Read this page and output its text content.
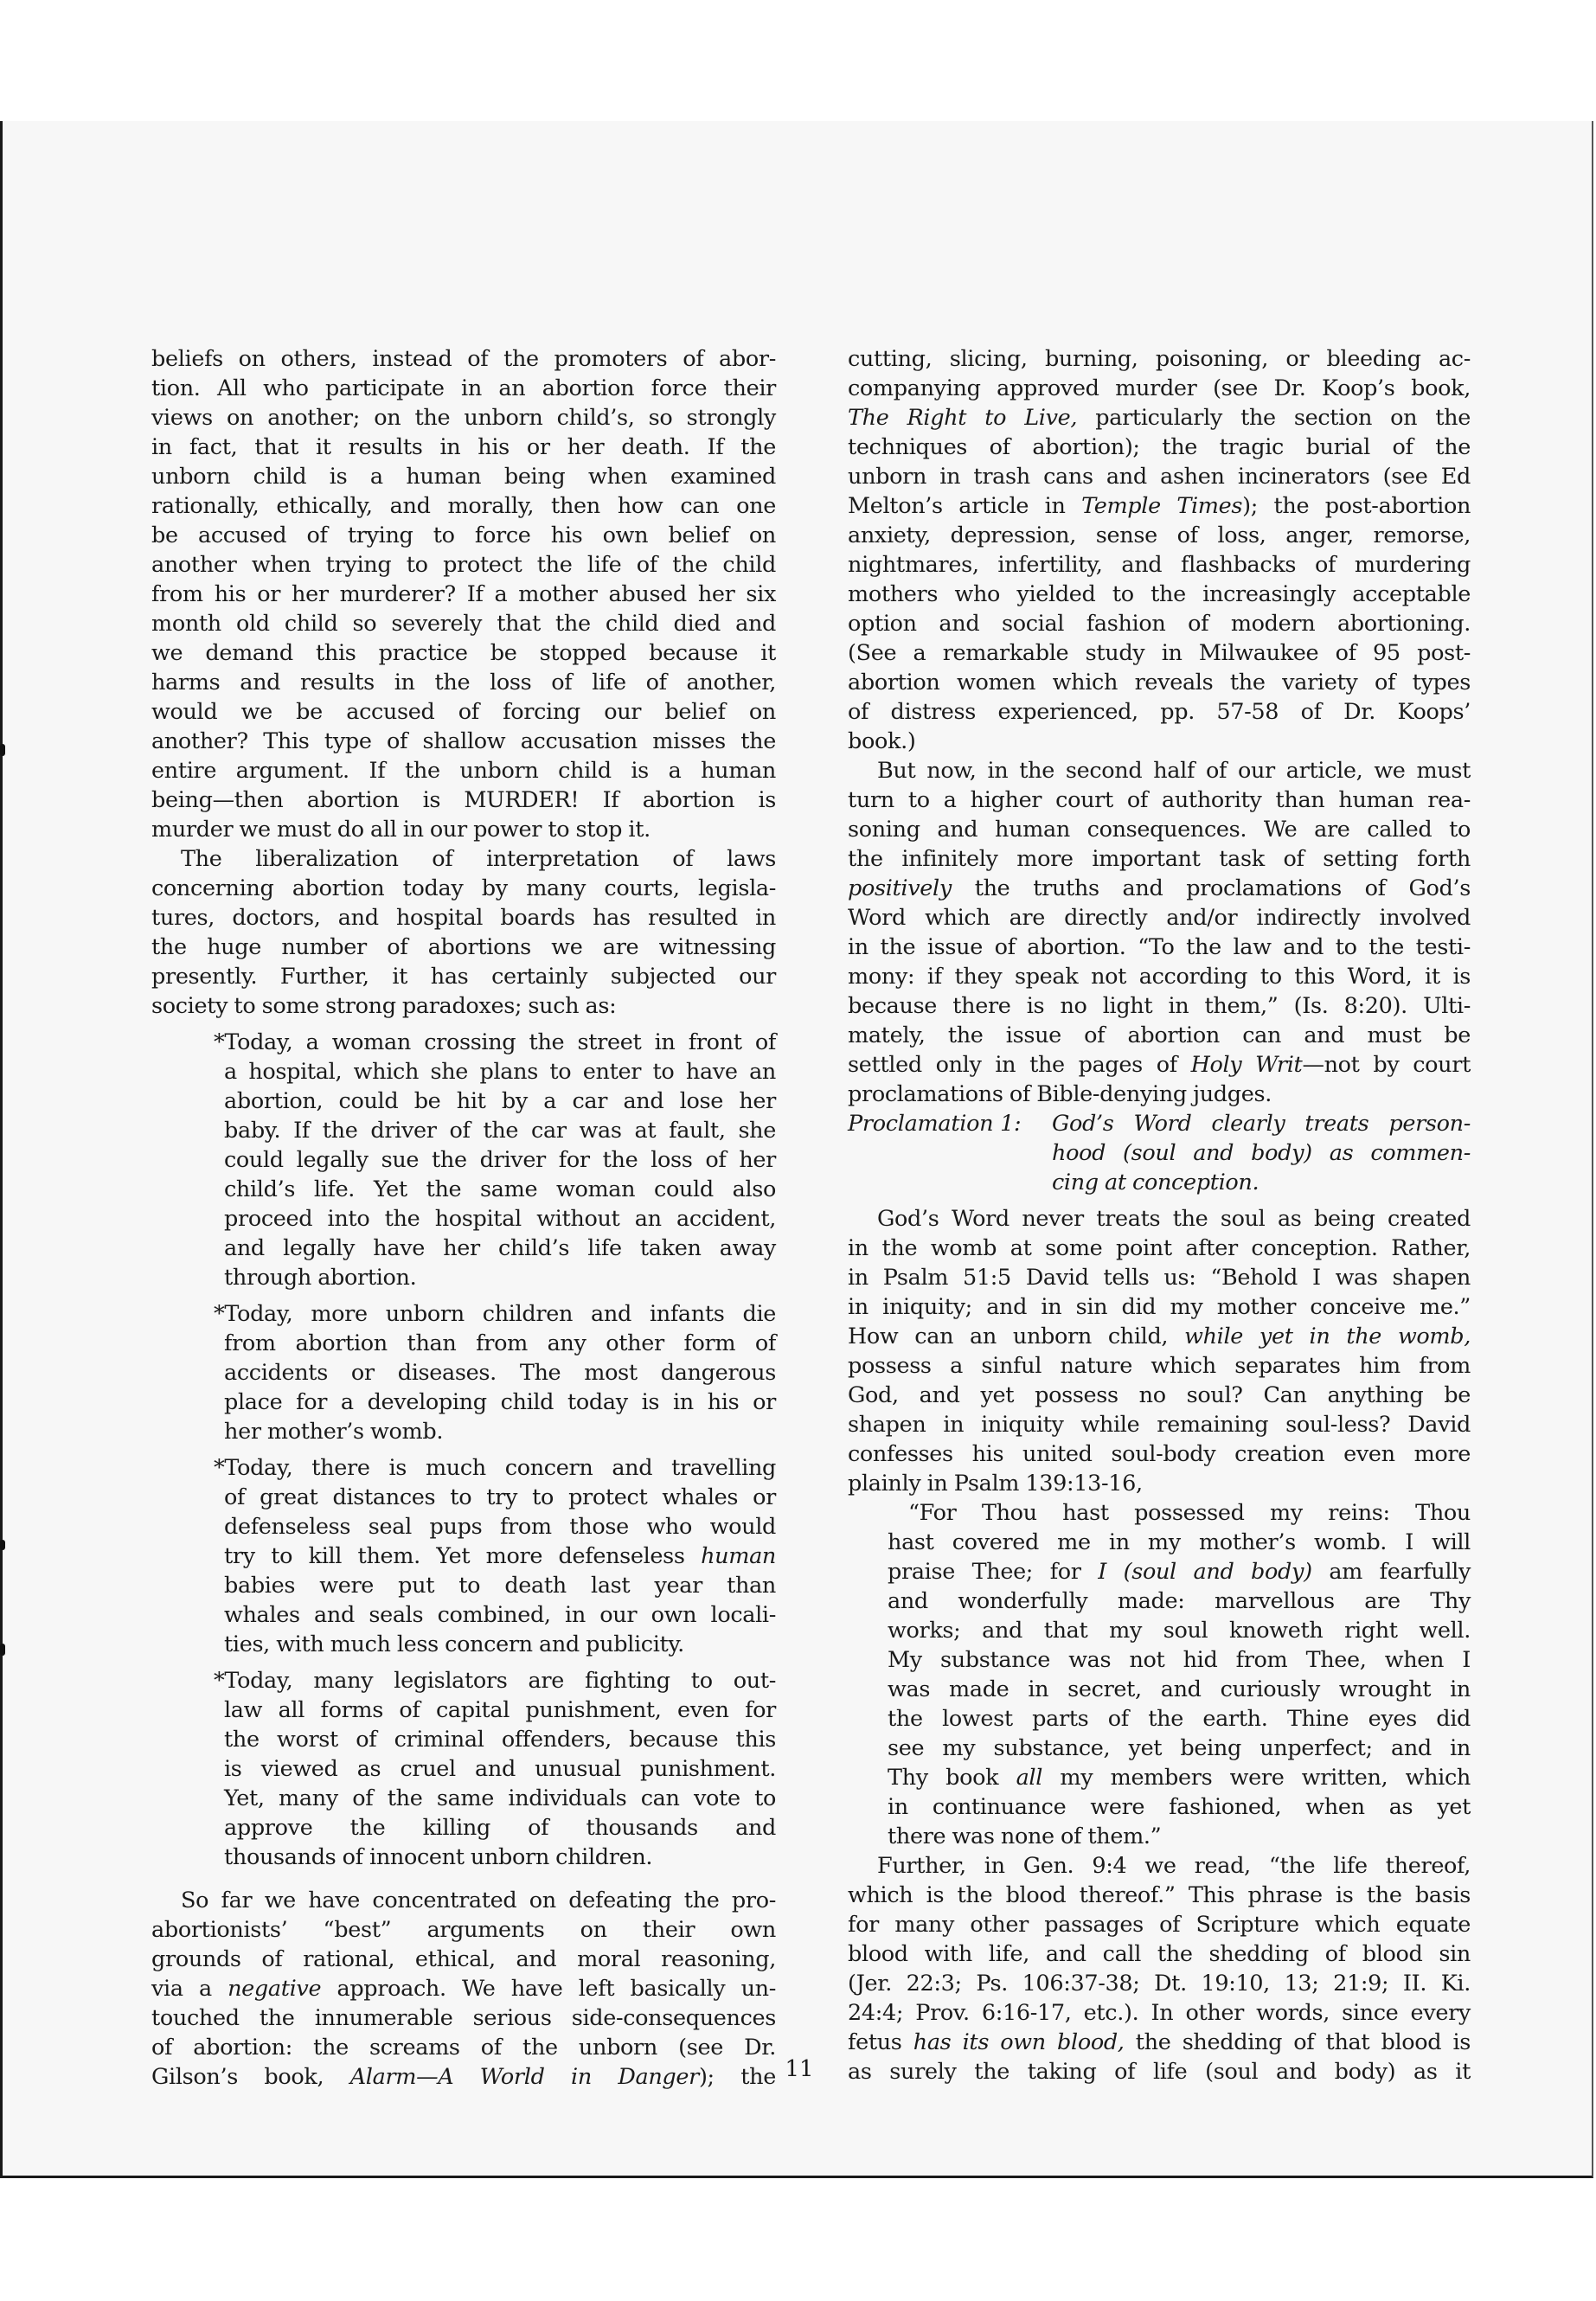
beliefs on others, instead of the promoters of abor-
tion. All who participate in an abortion force their
views on another; on the unborn child’s, so strongly
in fact, that it results in his or her death. If the
unborn child is a human being when examined
rationally, ethically, and morally, then how can one
be accused of trying to force his own belief on
another when trying to protect the life of the child
from his or her murderer? If a mother abused her six
month old child so severely that the child died and
we demand this practice be stopped because it
harms and results in the loss of life of another,
would we be accused of forcing our belief on
another? This type of shallow accusation misses the
entire argument. If the unborn child is a human
being—then abortion is MURDER! If abortion is
murder we must do all in our power to stop it.
The liberalization of interpretation of laws
concerning abortion today by many courts, legisla-
tures, doctors, and hospital boards has resulted in
the huge number of abortions we are witnessing
presently. Further, it has certainly subjected our
society to some strong paradoxes; such as:
*Today, a woman crossing the street in front of
a hospital, which she plans to enter to have an
abortion, could be hit by a car and lose her
baby. If the driver of the car was at fault, she
could legally sue the driver for the loss of her
child’s life. Yet the same woman could also
proceed into the hospital without an accident,
and legally have her child’s life taken away
through abortion.
*Today, more unborn children and infants die
from abortion than from any other form of
accidents or diseases. The most dangerous
place for a developing child today is in his or
her mother’s womb.
*Today, there is much concern and travelling
of great distances to try to protect whales or
defenseless seal pups from those who would
try to kill them. Yet more defenseless human
babies were put to death last year than
whales and seals combined, in our own locali-
ties, with much less concern and publicity.
*Today, many legislators are fighting to out-
law all forms of capital punishment, even for
the worst of criminal offenders, because this
is viewed as cruel and unusual punishment.
Yet, many of the same individuals can vote to
approve the killing of thousands and
thousands of innocent unborn children.
So far we have concentrated on defeating the pro-
abortionists’ “best” arguments on their own
grounds of rational, ethical, and moral reasoning,
via a negative approach. We have left basically un-
touched the innumerable serious side-consequences
of abortion: the screams of the unborn (see Dr.
Gilson’s book, Alarm—A World in Danger); the
cutting, slicing, burning, poisoning, or bleeding ac-
companying approved murder (see Dr. Koop’s book,
The Right to Live, particularly the section on the
techniques of abortion); the tragic burial of the
unborn in trash cans and ashen incinerators (see Ed
Melton’s article in Temple Times); the post-abortion
anxiety, depression, sense of loss, anger, remorse,
nightmares, infertility, and flashbacks of murdering
mothers who yielded to the increasingly acceptable
option and social fashion of modern abortioning.
(See a remarkable study in Milwaukee of 95 post-
abortion women which reveals the variety of types
of distress experienced, pp. 57-58 of Dr. Koops’
book.)
But now, in the second half of our article, we must
turn to a higher court of authority than human rea-
soning and human consequences. We are called to
the infinitely more important task of setting forth
positively the truths and proclamations of God’s
Word which are directly and/or indirectly involved
in the issue of abortion. “To the law and to the testi-
mony: if they speak not according to this Word, it is
because there is no light in them,” (Is. 8:20). Ulti-
mately, the issue of abortion can and must be
settled only in the pages of Holy Writ—not by court
proclamations of Bible-denying judges.
Proclamation 1:	God’s Word clearly treats person-
hood (soul and body) as commen-
cing at conception.
God’s Word never treats the soul as being created
in the womb at some point after conception. Rather,
in Psalm 51:5 David tells us: “Behold I was shapen
in iniquity; and in sin did my mother conceive me.”
How can an unborn child, while yet in the womb,
possess a sinful nature which separates him from
God, and yet possess no soul? Can anything be
shapen in iniquity while remaining soul-less? David
confesses his united soul-body creation even more
plainly in Psalm 139:13-16,
“For Thou hast possessed my reins: Thou
hast covered me in my mother’s womb. I will
praise Thee; for I (soul and body) am fearfully
and wonderfully made: marvellous are Thy
works; and that my soul knoweth right well.
My substance was not hid from Thee, when I
was made in secret, and curiously wrought in
the lowest parts of the earth. Thine eyes did
see my substance, yet being unperfect; and in
Thy book all my members were written, which
in continuance were fashioned, when as yet
there was none of them.”
Further, in Gen. 9:4 we read, “the life thereof,
which is the blood thereof.” This phrase is the basis
for many other passages of Scripture which equate
blood with life, and call the shedding of blood sin
(Jer. 22:3; Ps. 106:37-38; Dt. 19:10, 13; 21:9; II. Ki.
24:4; Prov. 6:16-17, etc.). In other words, since every
fetus has its own blood, the shedding of that blood is
as surely the taking of life (soul and body) as it
11
